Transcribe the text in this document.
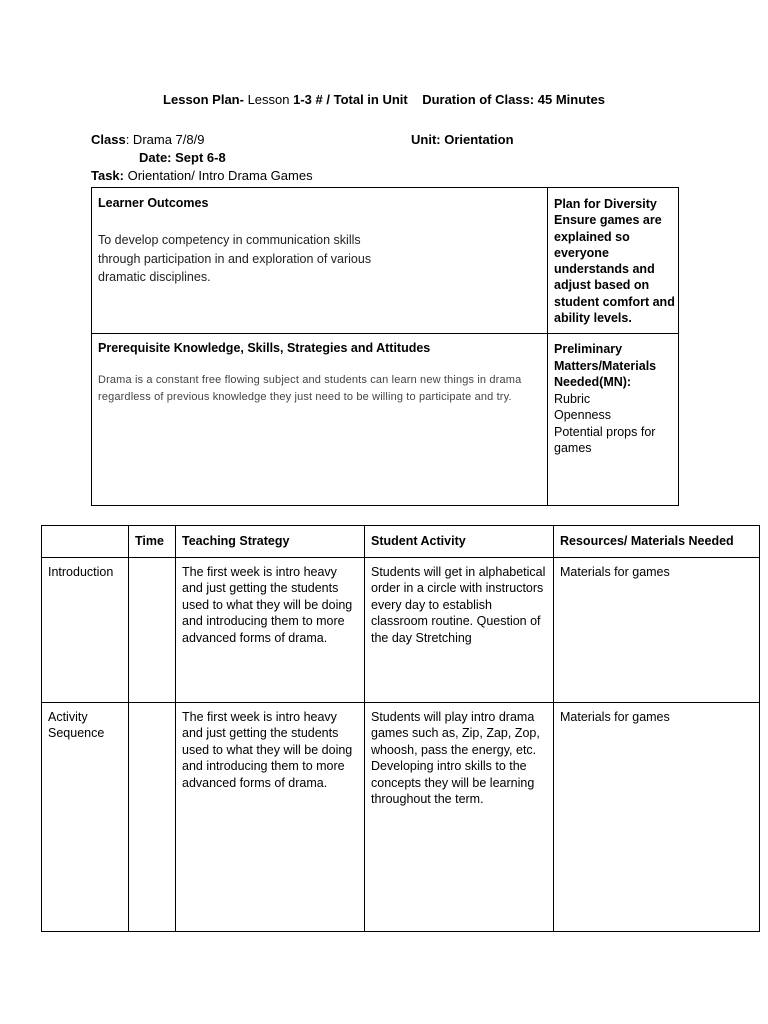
Lesson Plan- Lesson 1-3 # / Total in Unit Duration of Class: 45 Minutes
Class: Drama 7/8/9	Unit: Orientation
Date: Sept 6-8
Task: Orientation/ Intro Drama Games
Learner Outcomes
To develop competency in communication skills through participation in and exploration of various dramatic disciplines.
Plan for Diversity Ensure games are explained so everyone understands and adjust based on student comfort and ability levels.
Prerequisite Knowledge, Skills, Strategies and Attitudes
Drama is a constant free flowing subject and students can learn new things in drama regardless of previous knowledge they just need to be willing to participate and try.
Preliminary Matters/Materials Needed(MN):
Rubric
Openness
Potential props for games
	Time	Teaching Strategy	Student Activity	Resources/ Materials Needed
Introduction		The first week is intro heavy and just getting the students used to what they will be doing and introducing them to more advanced forms of drama.	Students will get in alphabetical order in a circle with instructors every day to establish classroom routine. Question of the day Stretching	Materials for games
Activity Sequence		The first week is intro heavy and just getting the students used to what they will be doing and introducing them to more advanced forms of drama.	Students will play intro drama games such as, Zip, Zap, Zop, whoosh, pass the energy, etc. Developing intro skills to the concepts they will be learning throughout the term.	Materials for games
